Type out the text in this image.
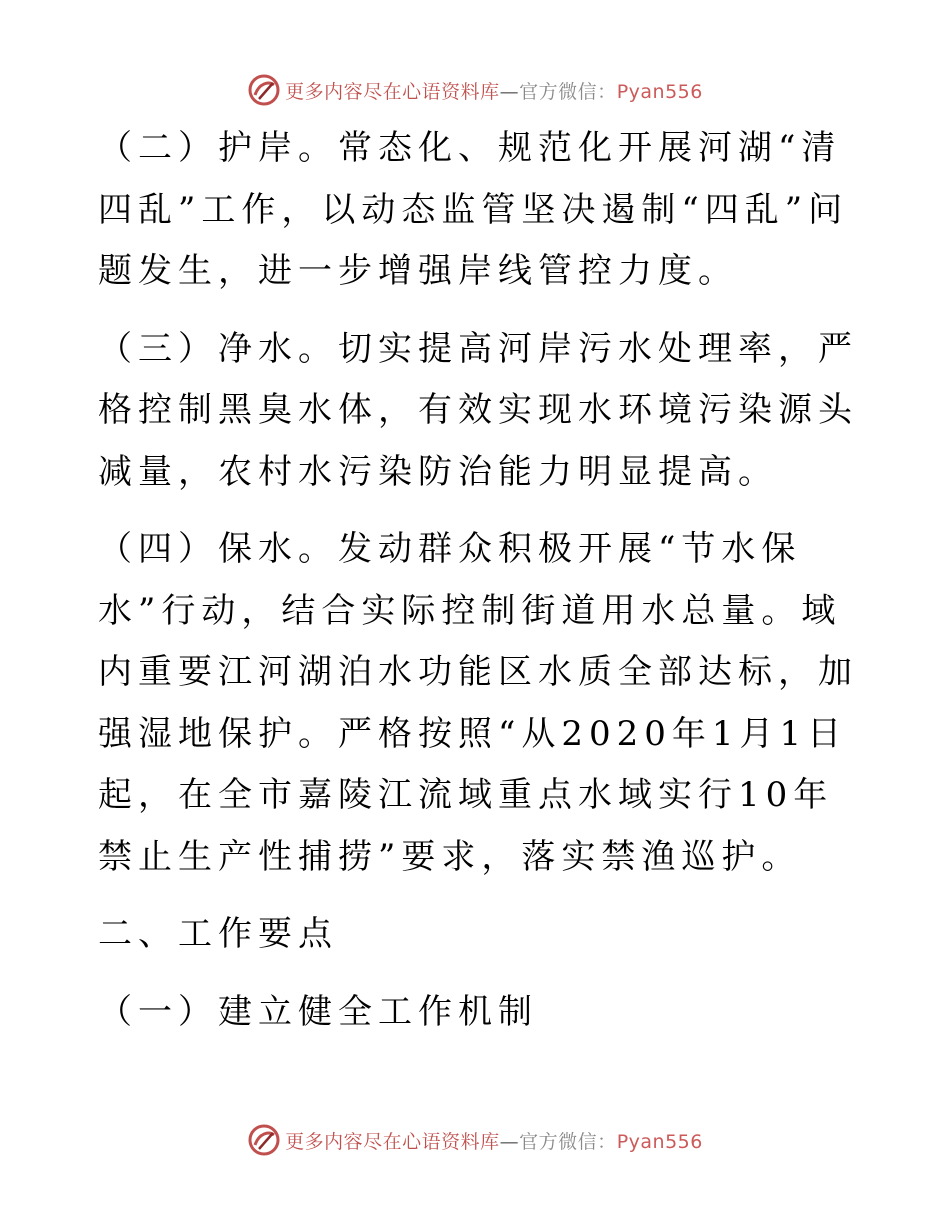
更多内容尽在心语资料库—官方微信：Pyan556

（二）护岸。常态化、规范化开展河湖“清四乱”工作，以动态监管坚决遏制“四乱”问题发生，进一步增强岸线管控力度。

（三）净水。切实提高河岸污水处理率，严格控制黑臭水体，有效实现水环境污染源头减量，农村水污染防治能力明显提高。

（四）保水。发动群众积极开展“节水保水”行动，结合实际控制街道用水总量。域内重要江河湖泊水功能区水质全部达标，加强湿地保护。严格按照“从2020年1月1日起，在全市嘉陵江流域重点水域实行10年禁止生产性捕捞”要求，落实禁渔巡护。

二、工作要点

（一）建立健全工作机制

更多内容尽在心语资料库—官方微信：Pyan556
